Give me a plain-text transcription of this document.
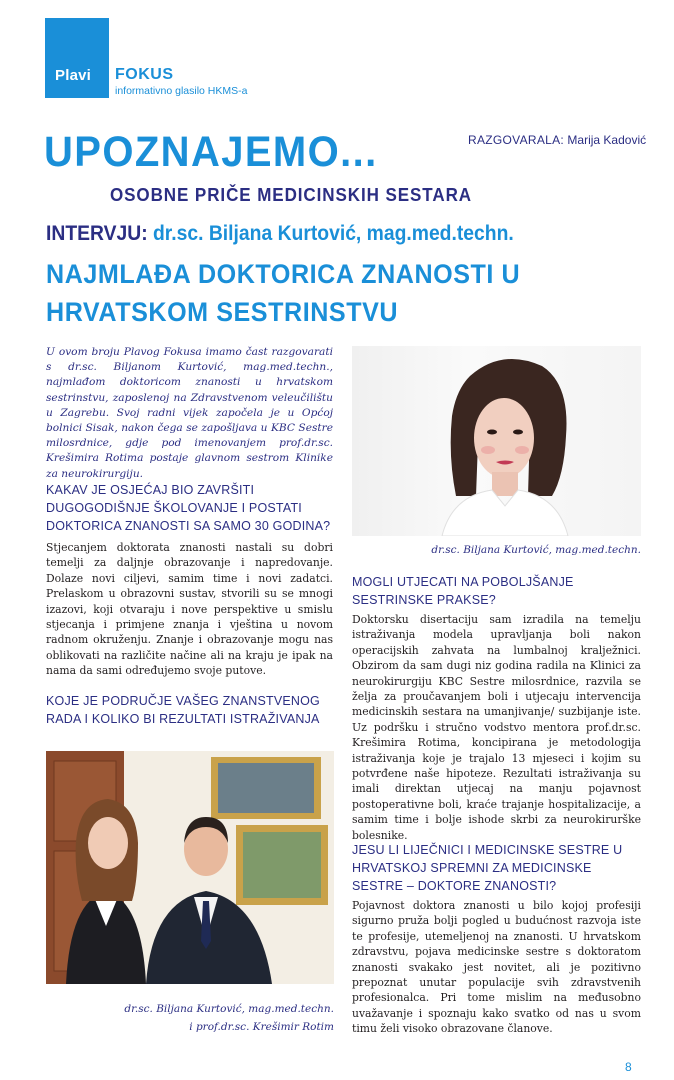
Plavi FOKUS
informativno glasilo HKMS-a
RAZGOVARALA: Marija Kadović
UPOZNAJEMO...
OSOBNE PRIČE MEDICINSKIH SESTARA
INTERVJU: dr.sc. Biljana Kurtović, mag.med.techn.
NAJMLAĐA DOKTORICA ZNANOSTI U
HRVATSKOM SESTRINSTVU
U ovom broju Plavog Fokusa imamo čast razgovarati s dr.sc. Biljanom Kurtović, mag.med.techn., najmlađom doktoricom znanosti u hrvatskom sestrinstvu, zaposlenoj na Zdravstvenom veleučilištu u Zagrebu. Svoj radni vijek započela je u Općoj bolnici Sisak, nakon čega se zapošljava u KBC Sestre milosrdnice, gdje pod imenovanjem prof.dr.sc. Krešimira Rotima postaje glavnom sestrom Klinike za neurokirurgiju.
KAKAV JE OSJEĆAJ BIO ZAVRŠITI DUGOGODIŠNJE ŠKOLOVANJE I POSTATI DOKTORICA ZNANOSTI SA SAMO 30 GODINA?
Stjecanjem doktorata znanosti nastali su dobri temelji za daljnje obrazovanje i napredovanje. Dolaze novi ciljevi, samim time i novi zadatci. Prelaskom u obrazovni sustav, stvorili su se mnogi izazovi, koji otvaraju i nove perspektive u smislu stjecanja i primjene znanja i vještina u novom radnom okruženju. Znanje i obrazovanje mogu nas oblikovati na različite načine ali na kraju je ipak na nama da sami određujemo svoje putove.
KOJE JE PODRUČJE VAŠEG ZNANSTVENOG RADA I KOLIKO BI REZULTATI ISTRAŽIVANJA
dr.sc. Biljana Kurtović, mag.med.techn.
MOGLI UTJECATI NA POBOLJŠANJE SESTRINSKE PRAKSE?
Doktorsku disertaciju sam izradila na temelju istraživanja modela upravljanja boli nakon operacijskih zahvata na lumbalnoj kralježnici. Obzirom da sam dugi niz godina radila na Klinici za neurokirurgiju KBC Sestre milosrdnice, razvila se želja za proučavanjem boli i utjecaju intervencija medicinskih sestara na umanjivanje/ suzbijanje iste. Uz podršku i stručno vodstvo mentora prof.dr.sc. Krešimira Rotima, koncipirana je metodologija istraživanja koje je trajalo 13 mjeseci i kojim su potvrđene naše hipoteze. Rezultati istraživanja su imali direktan utjecaj na manju pojavnost postoperativne boli, kraće trajanje hospitalizacije, a samim time i bolje ishode skrbi za neurokirurške bolesnike.
JESU LI LIJEČNICI I MEDICINSKE SESTRE U HRVATSKOJ SPREMNI ZA MEDICINSKE SESTRE – DOKTORE ZNANOSTI?
Pojavnost doktora znanosti u bilo kojoj profesiji sigurno pruža bolji pogled u budućnost razvoja iste te profesije, utemeljenoj na znanosti. U hrvatskom zdravstvu, pojava medicinske sestre s doktoratom znanosti svakako jest novitet, ali je pozitivno prepoznat unutar populacije svih zdravstvenih profesionalca. Pri tome mislim na međusobno uvažavanje i spoznaju kako svatko od nas u svom timu želi visoko obrazovane članove.
dr.sc. Biljana Kurtović, mag.med.techn.
i prof.dr.sc. Krešimir Rotim
8
